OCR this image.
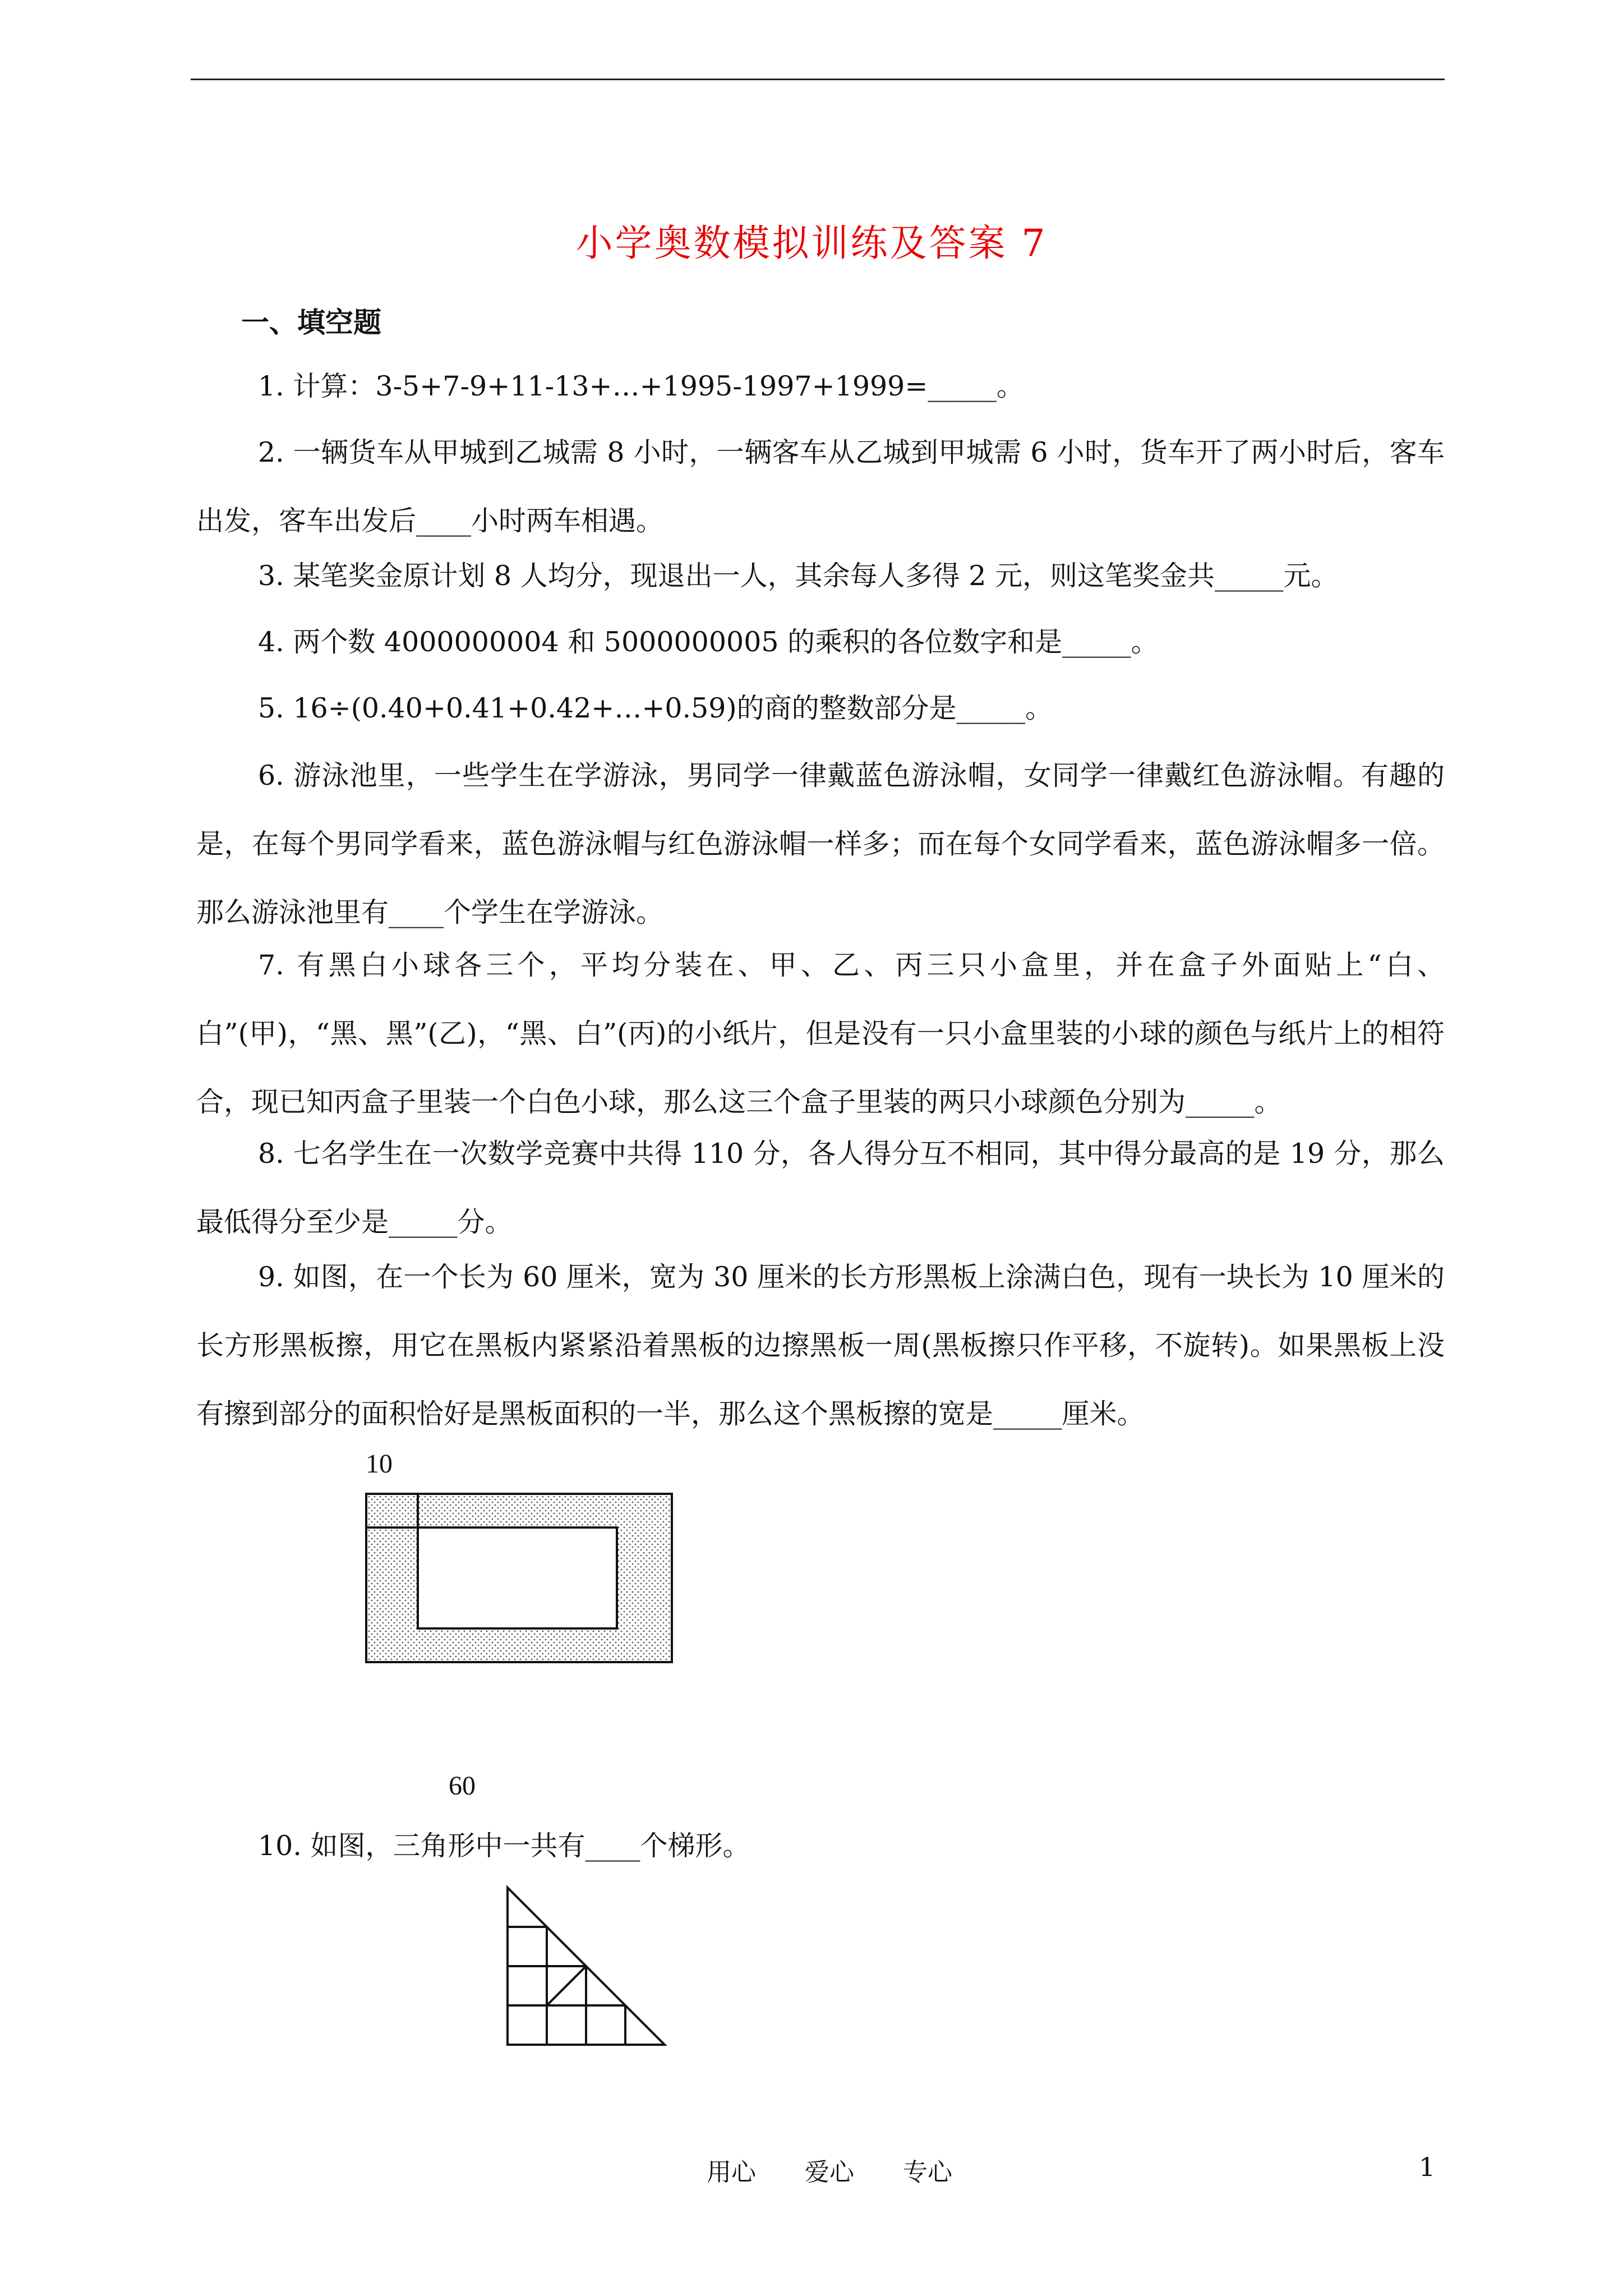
小学奥数模拟训练及答案 7
一、填空题

1. 计算：3-5+7-9+11-13+…+1995-1997+1999=_____。

2. 一辆货车从甲城到乙城需 8 小时，一辆客车从乙城到甲城需 6 小时，货车开了两小时后，客车出发，客车出发后____小时两车相遇。

3. 某笔奖金原计划 8 人均分，现退出一人，其余每人多得 2 元，则这笔奖金共_____元。

4. 两个数 4000000004 和 5000000005 的乘积的各位数字和是_____。

5. 16÷(0.40+0.41+0.42+…+0.59)的商的整数部分是_____。

6. 游泳池里，一些学生在学游泳，男同学一律戴蓝色游泳帽，女同学一律戴红色游泳帽。有趣的是，在每个男同学看来，蓝色游泳帽与红色游泳帽一样多；而在每个女同学看来，蓝色游泳帽多一倍。那么游泳池里有____个学生在学游泳。

7. 有黑白小球各三个，平均分装在、甲、乙、丙三只小盒里，并在盒子外面贴上“白、白”(甲)，“黑、黑”(乙)，“黑、白”(丙)的小纸片，但是没有一只小盒里装的小球的颜色与纸片上的相符合，现已知丙盒子里装一个白色小球，那么这三个盒子里装的两只小球颜色分别为_____。

8. 七名学生在一次数学竞赛中共得 110 分，各人得分互不相同，其中得分最高的是 19 分，那么最低得分至少是_____分。

9. 如图，在一个长为 60 厘米，宽为 30 厘米的长方形黑板上涂满白色，现有一块长为 10 厘米的长方形黑板擦，用它在黑板内紧紧沿着黑板的边擦黑板一周(黑板擦只作平移，不旋转)。如果黑板上没有擦到部分的面积恰好是黑板面积的一半，那么这个黑板擦的宽是_____厘米。

10
60

10. 如图，三角形中一共有____个梯形。

用心 爱心 专心	1
